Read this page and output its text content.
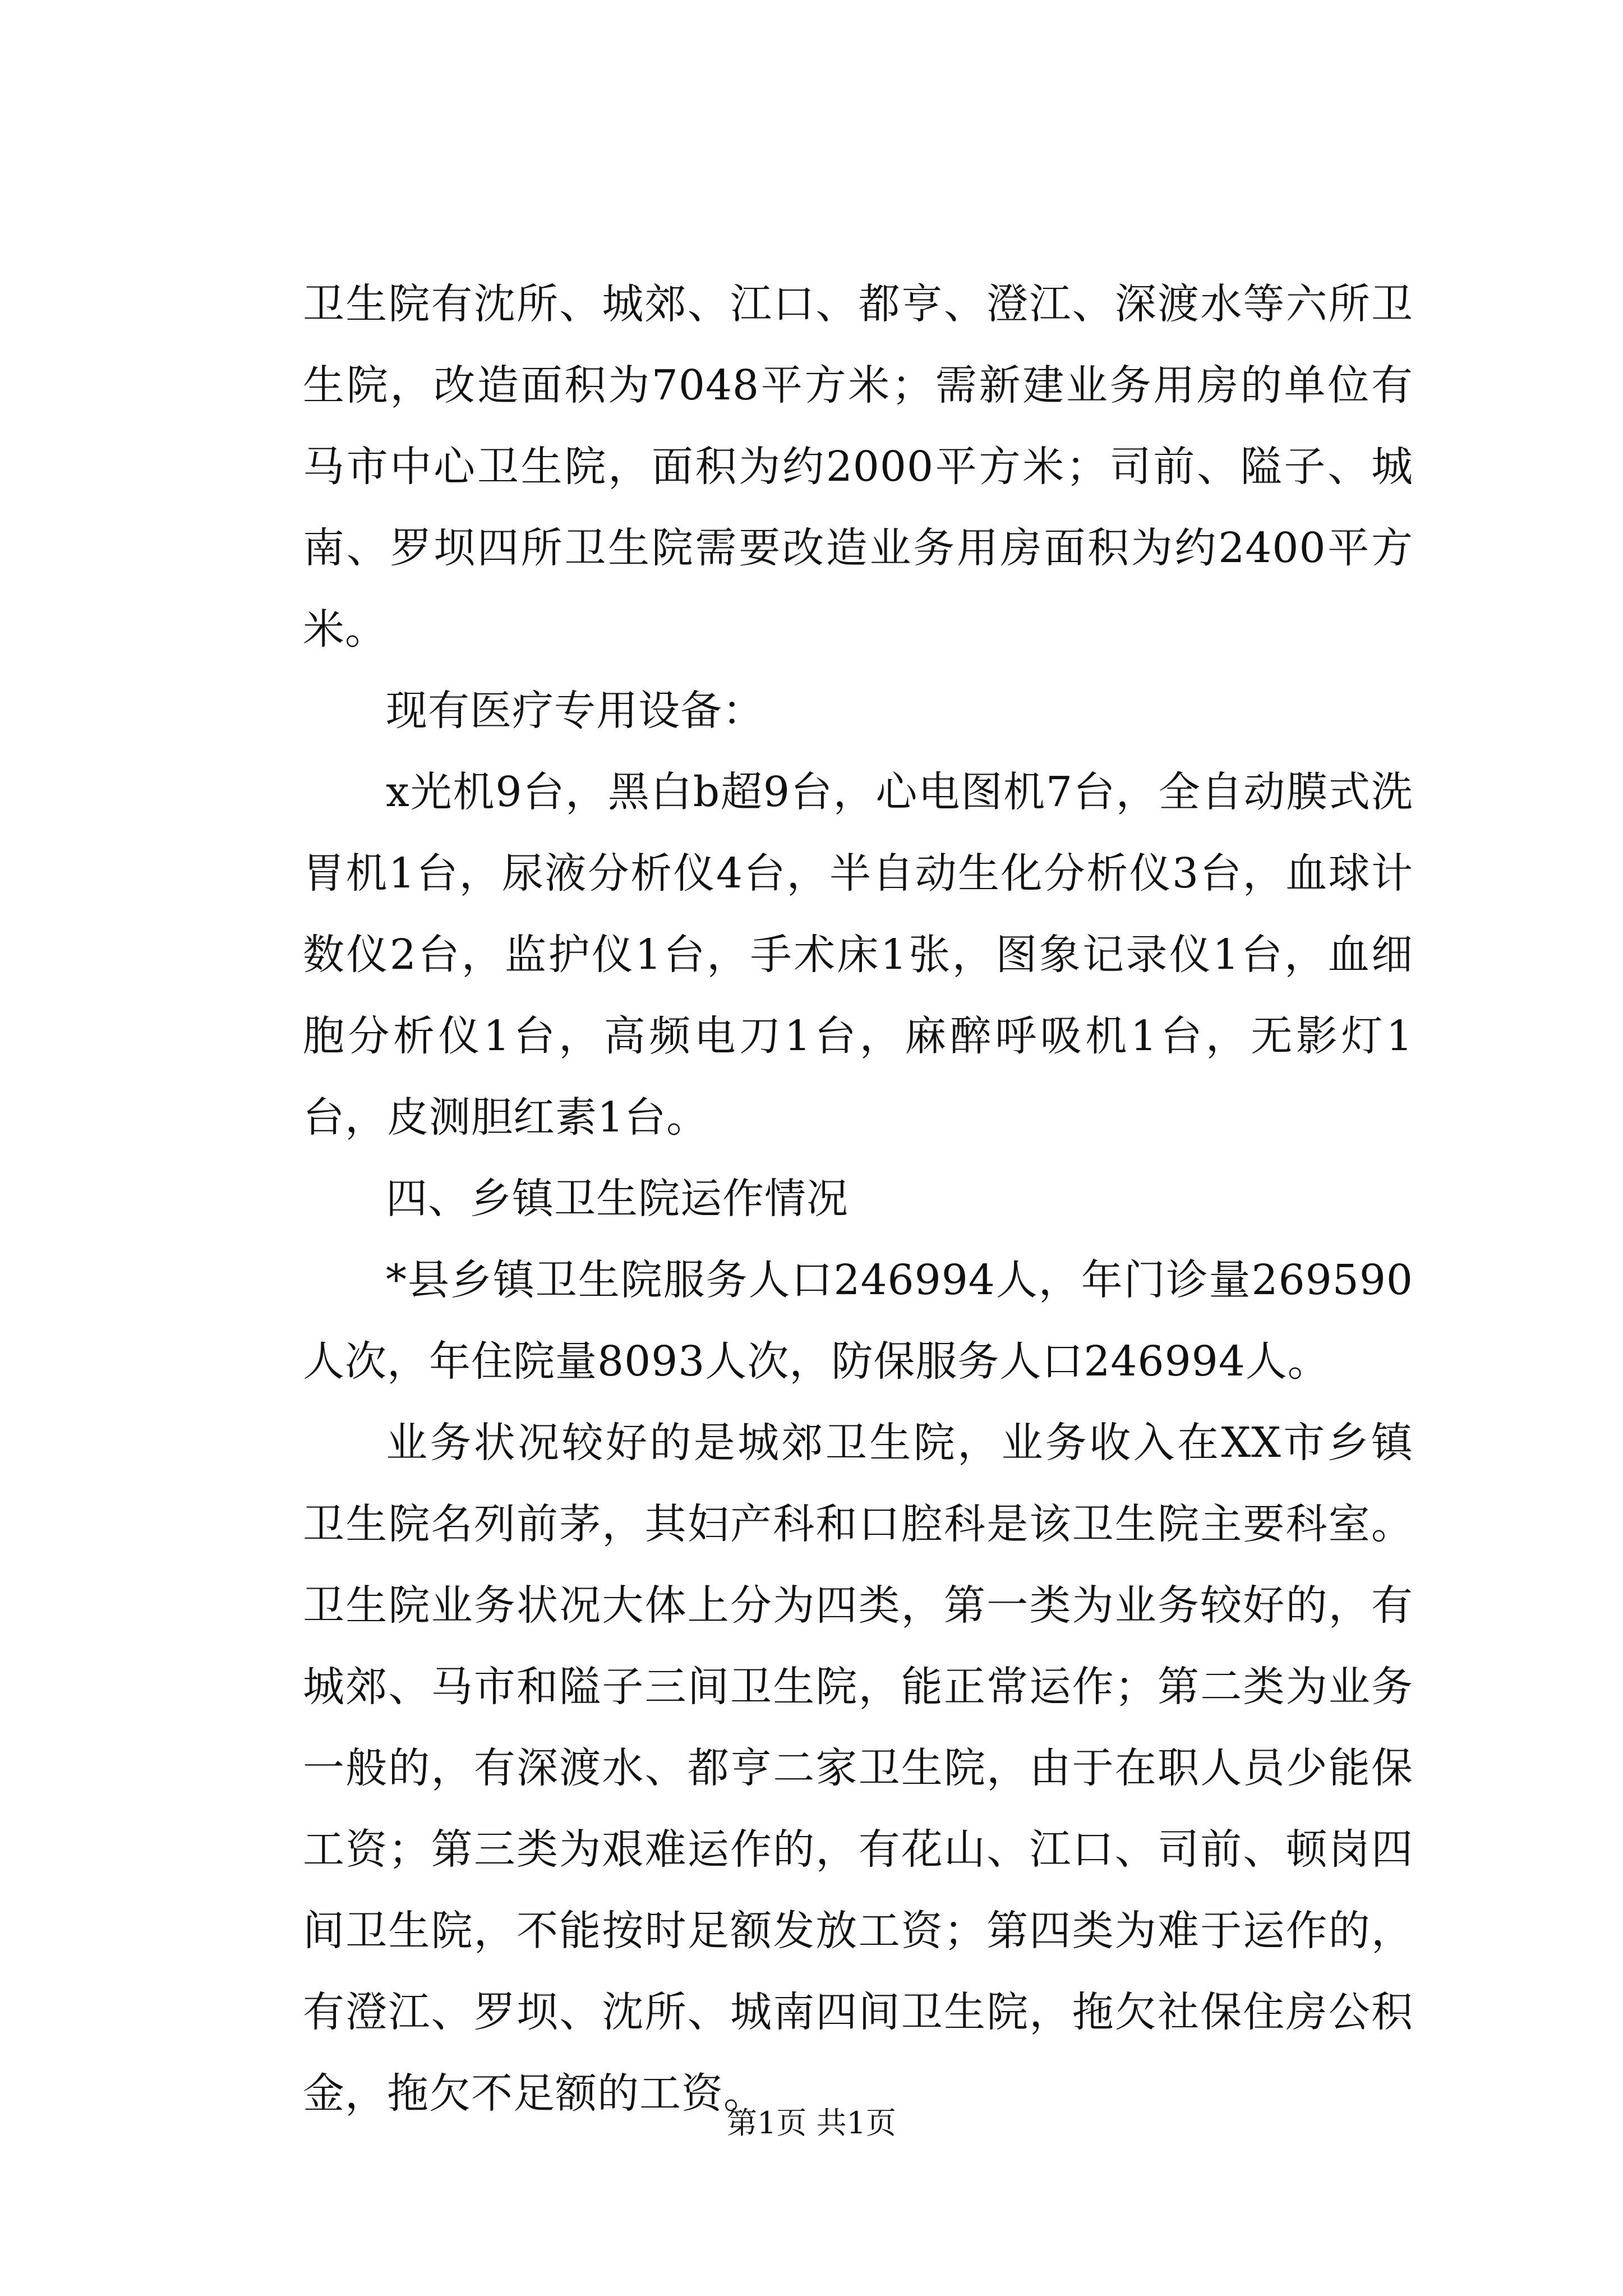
卫生院有沈所、城郊、江口、都亨、澄江、深渡水等六所卫生院，改造面积为7048平方米；需新建业务用房的单位有马市中心卫生院，面积为约2000平方米；司前、隘子、城南、罗坝四所卫生院需要改造业务用房面积为约2400平方米。

现有医疗专用设备：

x光机9台，黑白b超9台，心电图机7台，全自动膜式洗胃机1台，尿液分析仪4台，半自动生化分析仪3台，血球计数仪2台，监护仪1台，手术床1张，图象记录仪1台，血细胞分析仪1台，高频电刀1台，麻醉呼吸机1台，无影灯1台，皮测胆红素1台。

四、乡镇卫生院运作情况

*县乡镇卫生院服务人口246994人，年门诊量269590人次，年住院量8093人次，防保服务人口246994人。

业务状况较好的是城郊卫生院，业务收入在XX市乡镇卫生院名列前茅，其妇产科和口腔科是该卫生院主要科室。卫生院业务状况大体上分为四类，第一类为业务较好的，有城郊、马市和隘子三间卫生院，能正常运作；第二类为业务一般的，有深渡水、都亨二家卫生院，由于在职人员少能保工资；第三类为艰难运作的，有花山、江口、司前、顿岗四间卫生院，不能按时足额发放工资；第四类为难于运作的，有澄江、罗坝、沈所、城南四间卫生院，拖欠社保住房公积金，拖欠不足额的工资。

第1页 共1页
